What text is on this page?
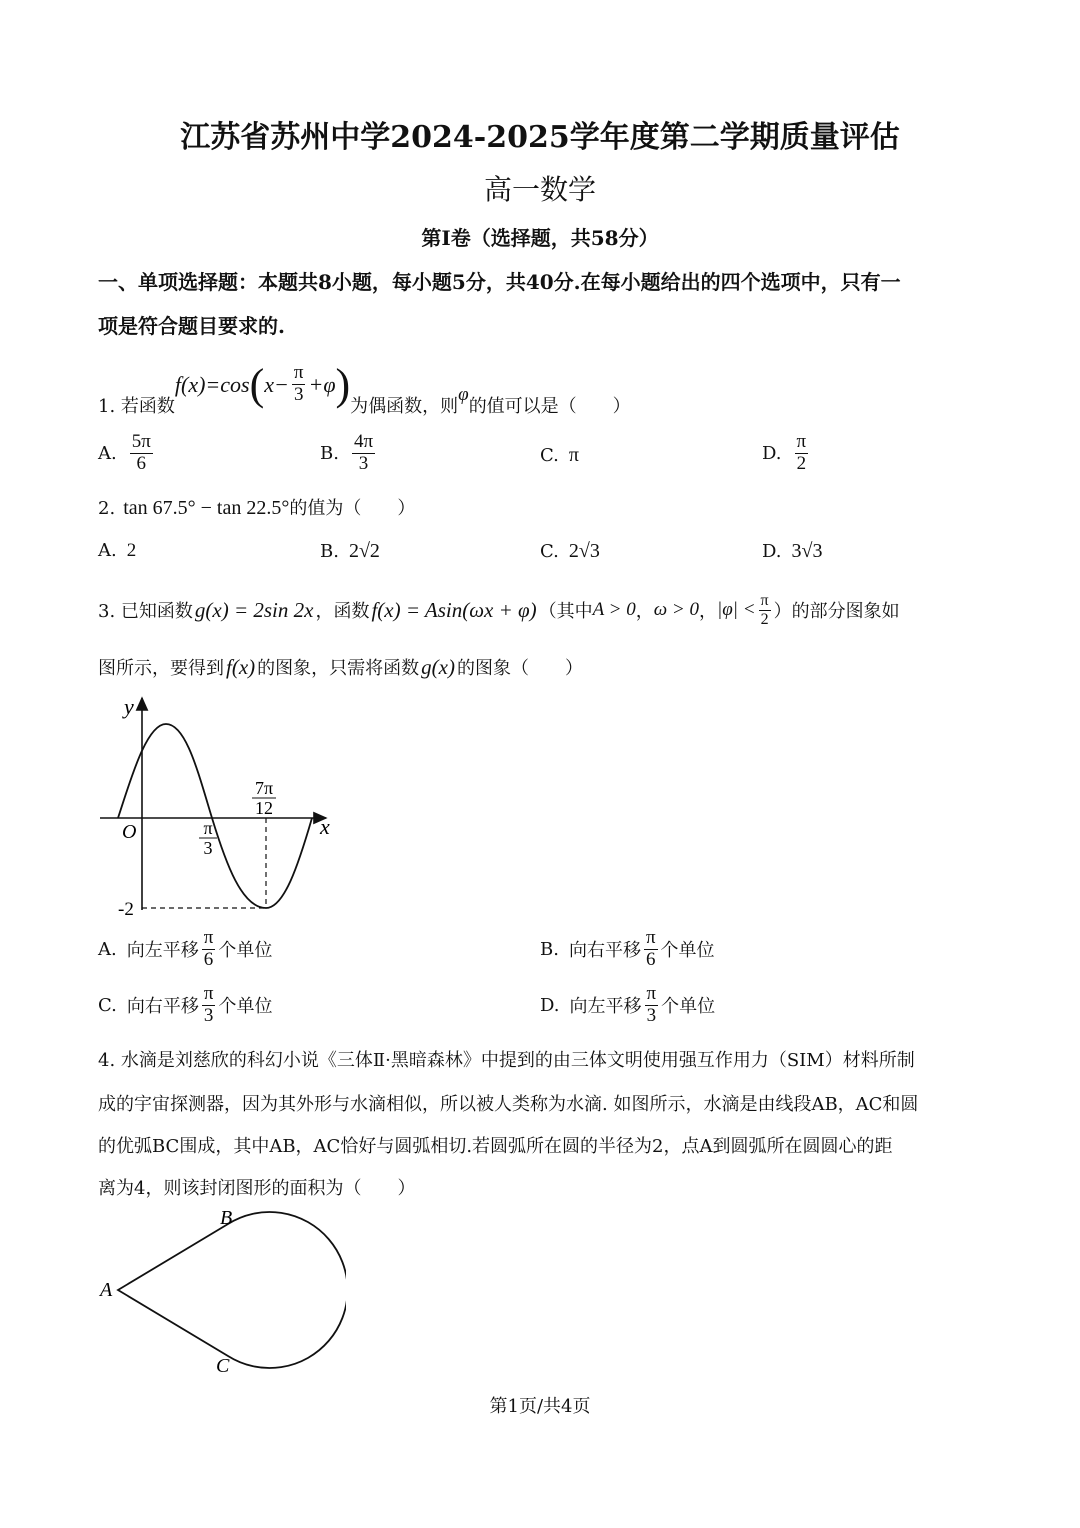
江苏省苏州中学2024-2025学年度第二学期质量评估
高一数学
第I卷（选择题，共58分）
一、单项选择题：本题共8小题，每小题5分，共40分.在每小题给出的四个选项中，只有一
项是符合题目要求的.
1. 若函数
f(x)=cos ( $x- \frac{\pi}{3} +\varphi$ ) 为偶函数，则
φ
的值可以是（　　）
A. $\frac{5\pi}{6}$	B. $\frac{4\pi}{3}$	C. π	D. $\frac{\pi}{2}$
2. tan 67.5° − tan 22.5° 的值为（　　）
A. 2	B. 2√2	C. 2√3	D. 3√3
3. 已知函数 g(x) = 2sin 2x ，函数 f(x) = Asin(ωx + φ) （其中 A > 0 ， ω > 0 ， $|\varphi| < \frac{\pi}{2}$ ）的部分图象如
图所示，要得到 f(x) 的图象，只需将函数 g(x) 的图象（　　）
y
x
O	π
3
7π
12
-2
A. 向左平移 $\frac{\pi}{6}$ 个单位	B. 向右平移 $\frac{\pi}{6}$ 个单位
C. 向右平移 $\frac{\pi}{3}$ 个单位	D. 向左平移 $\frac{\pi}{3}$ 个单位
4. 水滴是刘慈欣的科幻小说《三体Ⅱ·黑暗森林》中提到的由三体文明使用强互作用力（SIM）材料所制
成的宇宙探测器，因为其外形与水滴相似，所以被人类称为水滴. 如图所示，水滴是由线段AB，AC和圆
的优弧BC围成，其中AB，AC恰好与圆弧相切.若圆弧所在圆的半径为2，点A到圆弧所在圆圆心的距
离为4，则该封闭图形的面积为（　　）
A
B
C
第1页/共4页
